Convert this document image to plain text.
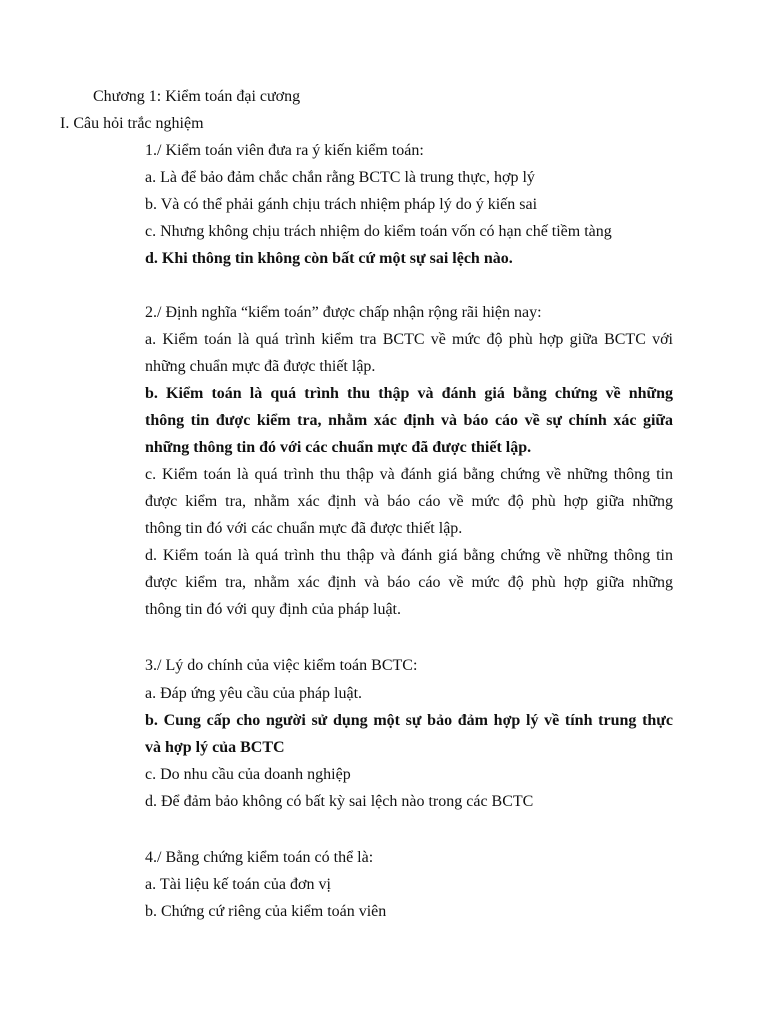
Chương 1: Kiểm toán đại cương

I. Câu hỏi trắc nghiệm

1./ Kiểm toán viên đưa ra ý kiến kiểm toán:

a. Là để bảo đảm chắc chắn rằng BCTC là trung thực, hợp lý

b. Và có thể phải gánh chịu trách nhiệm pháp lý do ý kiến sai

c. Nhưng không chịu trách nhiệm do kiểm toán vốn có hạn chế tiềm tàng

d. Khi thông tin không còn bất cứ một sự sai lệch nào.

2./ Định nghĩa “kiểm toán” được chấp nhận rộng rãi hiện nay:

a. Kiểm toán là quá trình kiểm tra BCTC về mức độ phù hợp giữa BCTC với

những chuẩn mực đã được thiết lập.

b. Kiểm toán là quá trình thu thập và đánh giá bằng chứng về những

thông tin được kiểm tra, nhằm xác định và báo cáo về sự chính xác giữa

những thông tin đó với các chuẩn mực đã được thiết lập.

c. Kiểm toán là quá trình thu thập và đánh giá bằng chứng về những thông tin

được kiểm tra, nhằm xác định và báo cáo về mức độ phù hợp giữa những

thông tin đó với các chuẩn mực đã được thiết lập.

d. Kiểm toán là quá trình thu thập và đánh giá bằng chứng về những thông tin

được kiểm tra, nhằm xác định và báo cáo về mức độ phù hợp giữa những

thông tin đó với quy định của pháp luật.

3./ Lý do chính của việc kiểm toán BCTC:

a. Đáp ứng yêu cầu của pháp luật.

b. Cung cấp cho người sử dụng một sự bảo đảm hợp lý về tính trung thực

và hợp lý của BCTC

c. Do nhu cầu của doanh nghiệp

d. Để đảm bảo không có bất kỳ sai lệch nào trong các BCTC

4./ Bằng chứng kiểm toán có thể là:

a. Tài liệu kế toán của đơn vị

b. Chứng cứ riêng của kiểm toán viên
